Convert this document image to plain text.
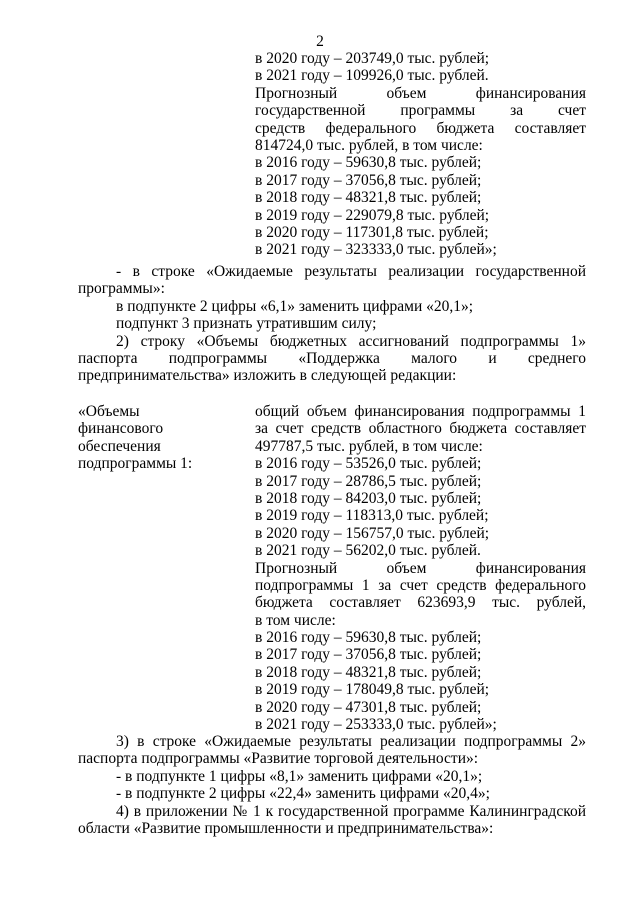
2
в 2020 году – 203749,0 тыс. рублей;
в 2021 году – 109926,0 тыс. рублей.
Прогнозный объем финансирования
государственной программы за счет
средств федерального бюджета составляет
814724,0 тыс. рублей, в том числе:
в 2016 году – 59630,8 тыс. рублей;
в 2017 году – 37056,8 тыс. рублей;
в 2018 году – 48321,8 тыс. рублей;
в 2019 году – 229079,8 тыс. рублей;
в 2020 году – 117301,8 тыс. рублей;
в 2021 году – 323333,0 тыс. рублей»;
- в строке «Ожидаемые результаты реализации государственной
программы»:
в подпункте 2 цифры «6,1» заменить цифрами «20,1»;
подпункт 3 признать утратившим силу;
2) строку «Объемы бюджетных ассигнований подпрограммы 1»
паспорта подпрограммы «Поддержка малого и среднего
предпринимательства» изложить в следующей редакции:
«Объемы
финансового
обеспечения
подпрограммы 1:
общий объем финансирования подпрограммы 1
за счет средств областного бюджета составляет
497787,5 тыс. рублей, в том числе:
в 2016 году – 53526,0 тыс. рублей;
в 2017 году – 28786,5 тыс. рублей;
в 2018 году – 84203,0 тыс. рублей;
в 2019 году – 118313,0 тыс. рублей;
в 2020 году – 156757,0 тыс. рублей;
в 2021 году – 56202,0 тыс. рублей.
Прогнозный объем финансирования
подпрограммы 1 за счет средств федерального
бюджета составляет 623693,9 тыс. рублей,
в том числе:
в 2016 году – 59630,8 тыс. рублей;
в 2017 году – 37056,8 тыс. рублей;
в 2018 году – 48321,8 тыс. рублей;
в 2019 году – 178049,8 тыс. рублей;
в 2020 году – 47301,8 тыс. рублей;
в 2021 году – 253333,0 тыс. рублей»;
3) в строке «Ожидаемые результаты реализации подпрограммы 2»
паспорта подпрограммы «Развитие торговой деятельности»:
- в подпункте 1 цифры «8,1» заменить цифрами «20,1»;
- в подпункте 2 цифры «22,4» заменить цифрами «20,4»;
4) в приложении № 1 к государственной программе Калининградской
области «Развитие промышленности и предпринимательства»:
